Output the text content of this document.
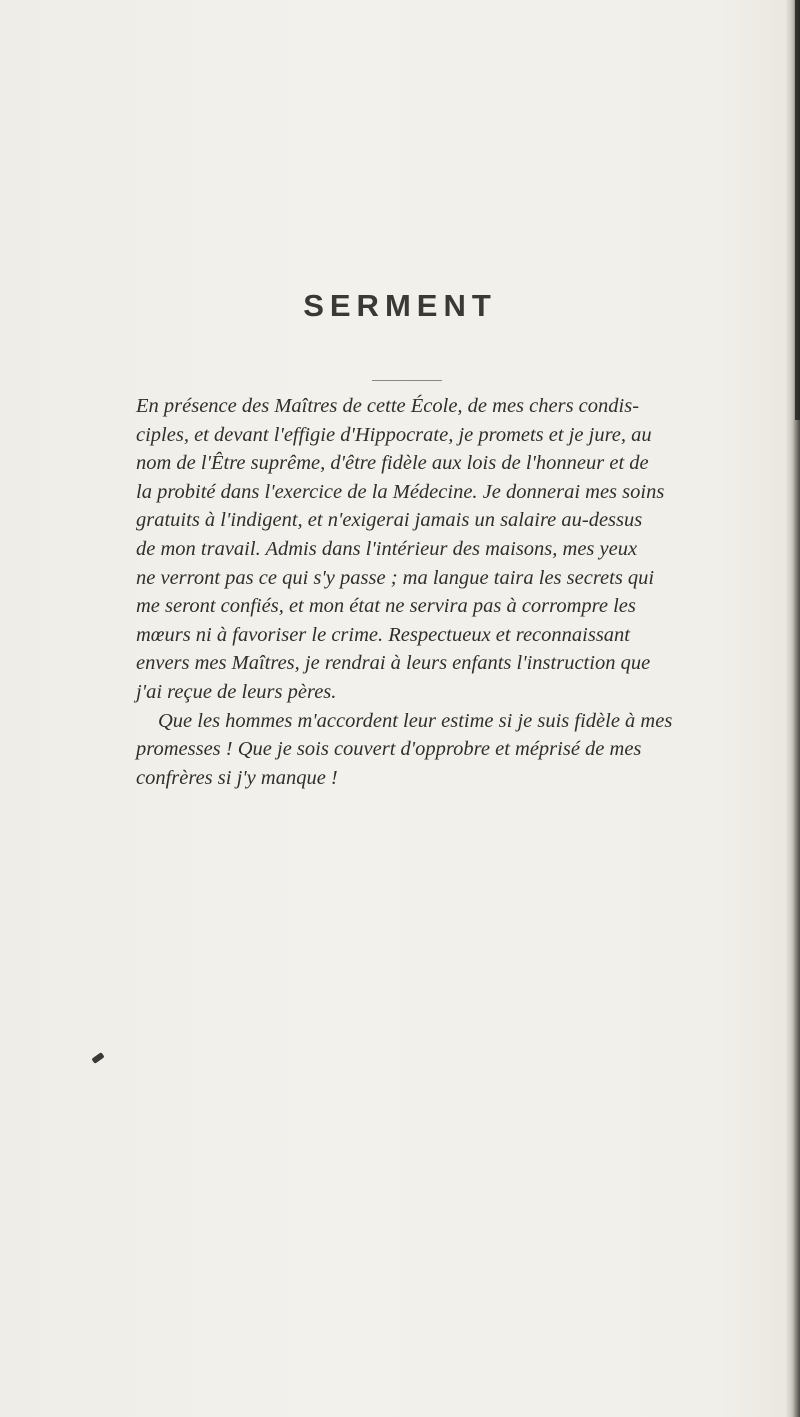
SERMENT
En présence des Maîtres de cette École, de mes chers condis-
ciples, et devant l'effigie d'Hippocrate, je promets et je jure, au
nom de l'Être suprême, d'être fidèle aux lois de l'honneur et de
la probité dans l'exercice de la Médecine. Je donnerai mes soins
gratuits à l'indigent, et n'exigerai jamais un salaire au-dessus
de mon travail. Admis dans l'intérieur des maisons, mes yeux
ne verront pas ce qui s'y passe ; ma langue taira les secrets qui
me seront confiés, et mon état ne servira pas à corrompre les
mœurs ni à favoriser le crime. Respectueux et reconnaissant
envers mes Maîtres, je rendrai à leurs enfants l'instruction que
j'ai reçue de leurs pères.
Que les hommes m'accordent leur estime si je suis fidèle à mes
promesses ! Que je sois couvert d'opprobre et méprisé de mes
confrères si j'y manque !
